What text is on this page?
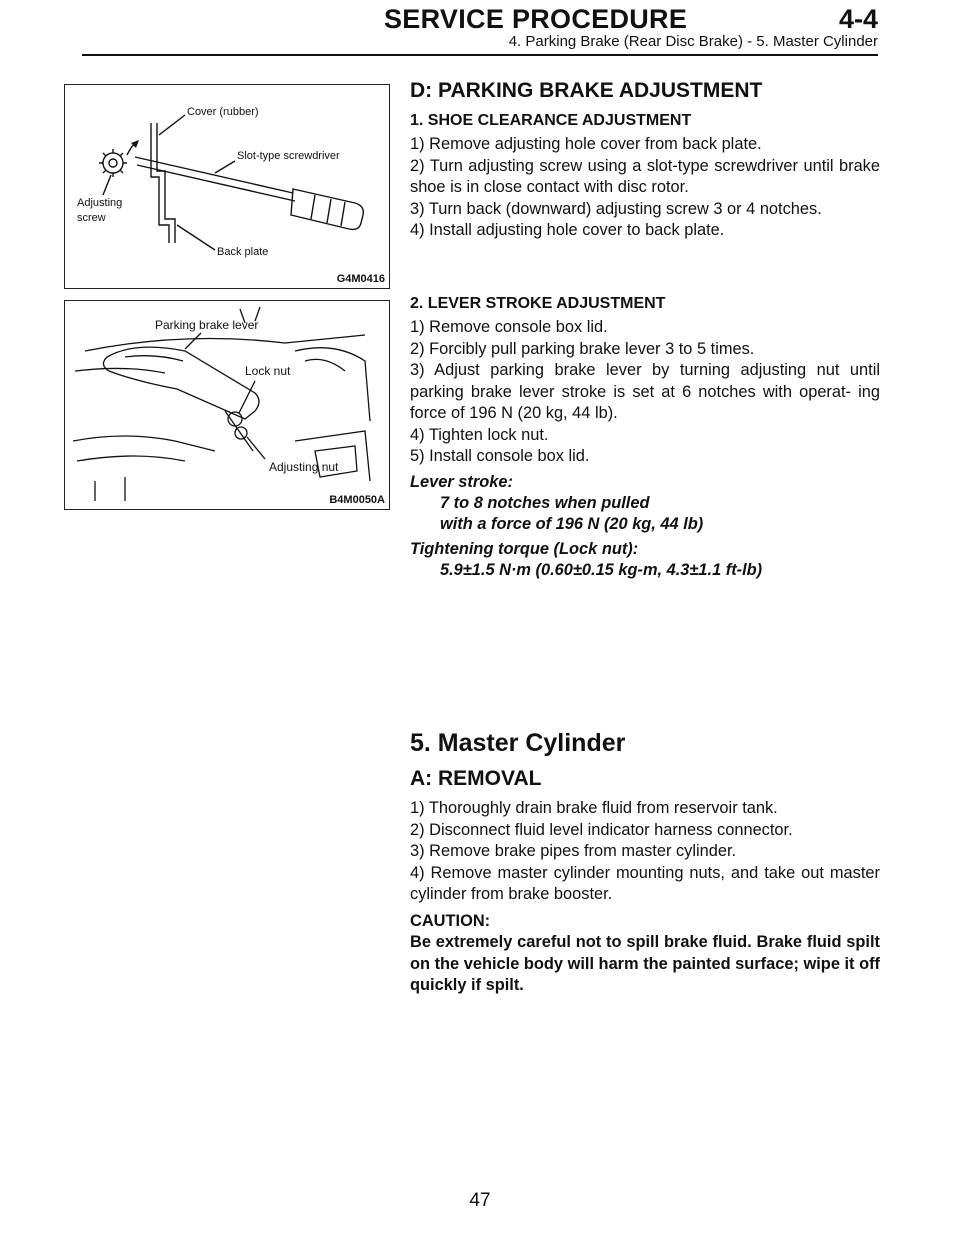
SERVICE PROCEDURE	4-4
4. Parking Brake (Rear Disc Brake) - 5. Master Cylinder
Cover (rubber)
Slot-type screwdriver
Adjusting
screw
Back plate
G4M0416
Parking brake lever
Lock nut
Adjusting nut
B4M0050A
D: PARKING BRAKE ADJUSTMENT
1. SHOE CLEARANCE ADJUSTMENT

1) Remove adjusting hole cover from back plate.

2) Turn adjusting screw using a slot-type screwdriver until brake shoe is in close contact with disc rotor.

3) Turn back (downward) adjusting screw 3 or 4 notches.

4) Install adjusting hole cover to back plate.

2. LEVER STROKE ADJUSTMENT

1) Remove console box lid.

2) Forcibly pull parking brake lever 3 to 5 times.

3) Adjust parking brake lever by turning adjusting nut until parking brake lever stroke is set at 6 notches with operat- ing force of 196 N (20 kg, 44 lb).

4) Tighten lock nut.

5) Install console box lid.

Lever stroke:

7 to 8 notches when pulled

with a force of 196 N (20 kg, 44 lb)

Tightening torque (Lock nut):

5.9±1.5 N·m (0.60±0.15 kg-m, 4.3±1.1 ft-lb)

5. Master Cylinder
A: REMOVAL

1) Thoroughly drain brake fluid from reservoir tank.

2) Disconnect fluid level indicator harness connector.

3) Remove brake pipes from master cylinder.

4) Remove master cylinder mounting nuts, and take out master cylinder from brake booster.

CAUTION:

Be extremely careful not to spill brake fluid. Brake fluid spilt on the vehicle body will harm the painted surface; wipe it off quickly if spilt.

47
